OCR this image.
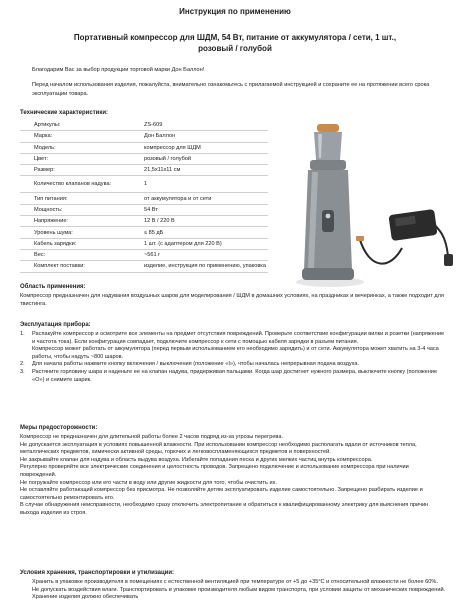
Инструкция по применению
Портативный компрессор для ШДМ, 54 Вт, питание от аккумулятора / сети, 1 шт., розовый / голубой
Благодарим Вас за выбор продукции торговой марки Дон Баллон!
Перед началом использования изделия, пожалуйста, внимательно ознакомьтесь с прилагаемой инструкцией и сохраните ее на протяжении всего срока эксплуатации товара.
Технические характеристики:
Артикулы:	ZS-609
Марка:	Дон Баллон
Модель:	компрессор для ШДМ
Цвет:	розовый / голубой
Размер:	21,5x11x11 см
Количество клапанов надува:	1
Тип питания:	от аккумулятора и от сети
Мощность:	54 Вт
Напряжение:	12 В / 220 В
Уровень шума:	≤ 85 дБ
Кабель зарядки:	1 шт. (с адаптером для 220 В)
Вес:	~561 г
Комплект поставки:	изделие, инструкция по применению, упаковка
Область применения:
Компрессор предназначен для надувания воздушных шаров для моделирования / ШДМ в домашних условиях, на праздниках и вечеринках, а также подходит для твистинга.
Эксплуатация прибора:
1.	Распакуйте компрессор и осмотрите все элементы на предмет отсутствия повреждений. Проверьте соответствие конфигурации вилки и розетки (напряжение и частота тока). Если конфигурация совпадает, подключите компрессор к сети с помощью кабеля зарядки в разъем питания.
Компрессор может работать от аккумулятора (перед первым использованием его необходимо зарядить) и от сети. Аккумулятора может хватить на 3-4 часа работы, чтобы надуть ~800 шаров.
2.	Для начала работы нажмите кнопку включения / выключения (положение «I»), чтобы началась непрерывная подача воздуха.
3.	Растяните горловину шара и наденьте ее на клапан надува, придерживая пальцами. Когда шар достигнет нужного размера, выключите кнопку (положение «O») и снимите шарик.
Меры предосторожности:
Компрессор не предназначен для длительной работы более 2 часов подряд из-за угрозы перегрева.
Не допускается эксплуатация в условиях повышенной влажности. При использовании компрессор необходимо располагать вдали от источников тепла, металлических предметов, химически активной среды, горючих и легковоспламеняющихся предметов и поверхностей.
Не закрывайте клапан для надува и область выдува воздуха. Избегайте попадания песка и других мелких частиц внутрь компрессора.
Регулярно проверяйте все электрические соединения и целостность проводов. Запрещено подключение и использование компрессора при наличии повреждений.
Не погружайте компрессор или его части в воду или другие жидкости для того, чтобы очистить их.
Не оставляйте работающий компрессор без присмотра. Не позволяйте детям эксплуатировать изделие самостоятельно. Запрещено разбирать изделие и самостоятельно ремонтировать его.
В случае обнаружения неисправности, необходимо сразу отключить электропитание и обратиться к квалифицированному электрику для выяснения причин выхода изделия из строя.
Условия хранения, транспортировки и утилизации:
Хранить в упаковке производителя в помещениях с естественной вентиляцией при температуре от +5 до +35°С и относительной влажности не более 60%. Не допускать воздействия влаги. Транспортировать в упаковке производителя любым видом транспорта, при условии защиты от механических повреждений. Хранение изделия должно обеспечивать
